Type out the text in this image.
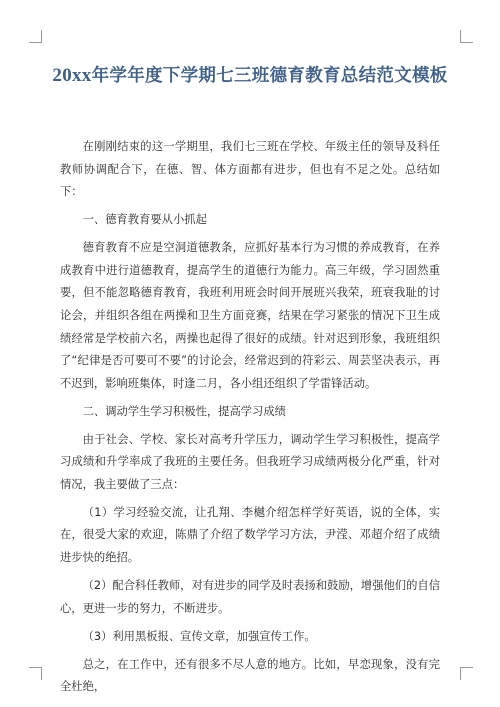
20xx年学年度下学期七三班德育教育总结范文模板

在刚刚结束的这一学期里，我们七三班在学校、年级主任的领导及科任教师协调配合下，在德、智、体方面都有进步，但也有不足之处。总结如下：

一、德育教育要从小抓起

德育教育不应是空洞道德教条，应抓好基本行为习惯的养成教育，在养成教育中进行道德教育，提高学生的道德行为能力。高三年级，学习固然重要，但不能忽略德育教育，我班利用班会时间开展班兴我荣，班衰我耻的讨论会，并组织各组在两操和卫生方面竞赛，结果在学习紧张的情况下卫生成绩经常是学校前六名，两操也起得了很好的成绩。针对迟到形象，我班组织了“纪律是否可要可不要”的讨论会，经常迟到的符彩云、周芸坚决表示，再不迟到，影响班集体，时逢二月，各小组还组织了学雷锋活动。

二、调动学生学习积极性，提高学习成绩

由于社会、学校、家长对高考升学压力，调动学生学习积极性，提高学习成绩和升学率成了我班的主要任务。但我班学习成绩两极分化严重，针对情况，我主要做了三点：

（1）学习经验交流，让孔翔、李樾介绍怎样学好英语，说的全体，实在，很受大家的欢迎，陈鼎了介绍了数学学习方法，尹滢、邓超介绍了成绩进步快的绝招。

（2）配合科任教师，对有进步的同学及时表扬和鼓励，增强他们的自信心，更进一步的努力，不断进步。

（3）利用黑板报、宣传文章，加强宣传工作。

总之，在工作中，还有很多不尽人意的地方。比如，早恋现象，没有完全杜绝，
